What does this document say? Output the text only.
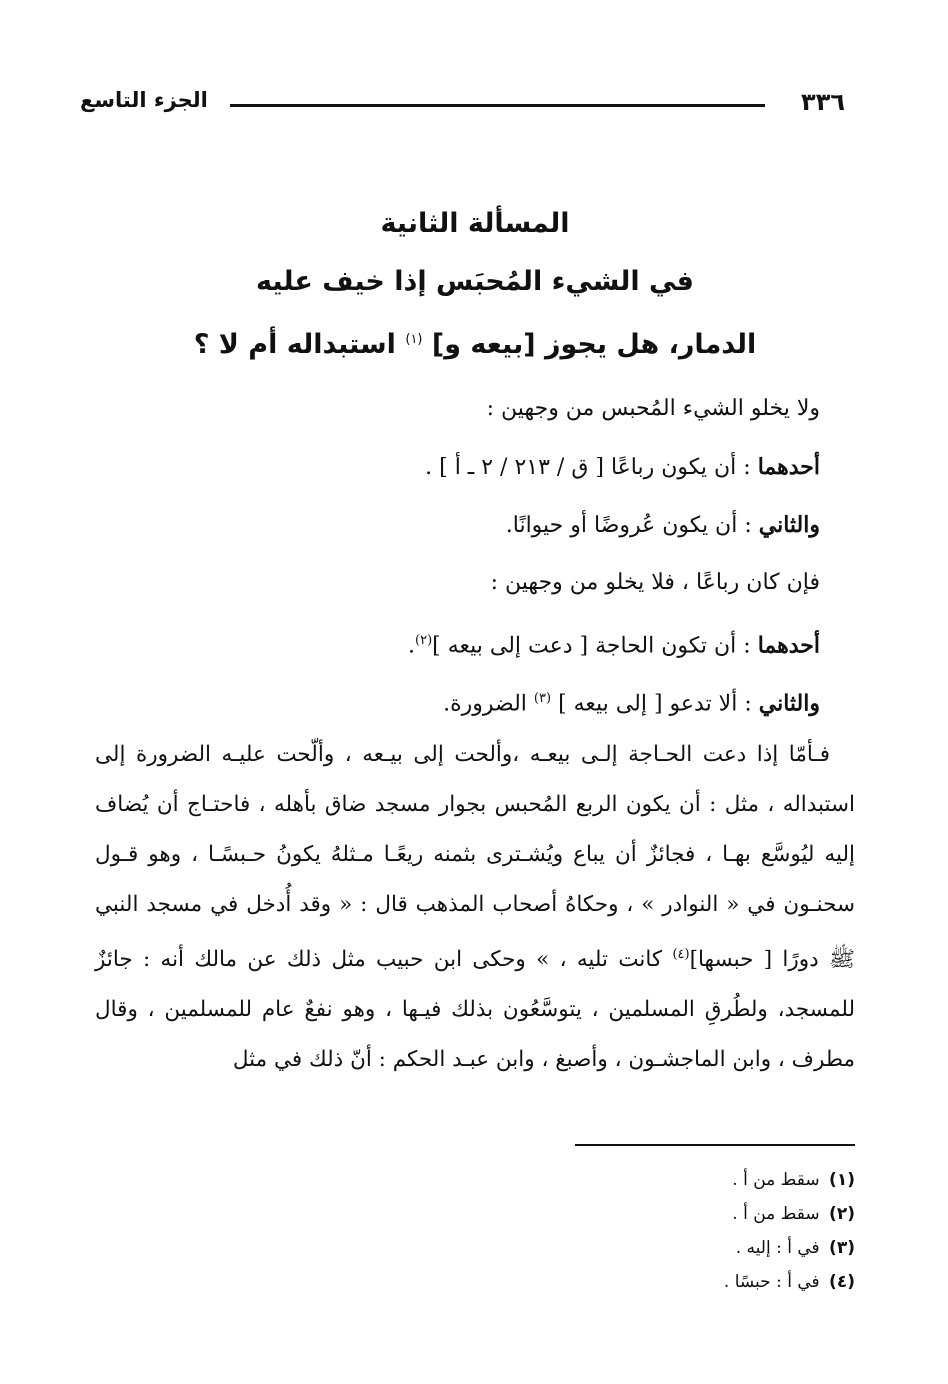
٣٣٦
الجزء التاسع
المسألة الثانية
في الشيء المُحبَس إذا خيف عليه
الدمار، هل يجوز [بيعه و] $^{(١)}$ استبداله أم لا ؟
ولا يخلو الشيء المُحبس من وجهين :
أحدهما : أن يكون رباعًا [ ق / ٢١٣ / ٢ ـ أ ] .
والثاني : أن يكون عُروضًا أو حيوانًا.
فإن كان رباعًا ، فلا يخلو من وجهين :
أحدهما : أن تكون الحاجة [ دعت إلى بيعه ]$^{(٢)}$.
والثاني : ألا تدعو [ إلى بيعه ] $^{(٣)}$ الضرورة.
فـأمّا إذا دعت الحـاجة إلـى بيعـه ،وألحت إلى بيـعه ، وألّحت عليـه الضرورة إلى استبداله ، مثل : أن يكون الربع المُحبس بجوار مسجد ضاق بأهله ، فاحتـاج أن يُضاف إليه ليُوسَّع بهـا ، فجائزٌ أن يباع ويُشـترى بثمنه ريعًـا مـثلهُ يكونُ حـبسًـا ، وهو قـول سحنـون في « النوادر » ، وحكاهُ أصحاب المذهب قال : « وقد أُدخل في مسجد النبي ﷺ دورًا [ حبسها]$^{(٤)}$ كانت تليه ، » وحكى ابن حبيب مثل ذلك عن مالك أنه : جائزٌ للمسجد، ولطُرقِ المسلمين ، يتوسَّعُون بذلك فيـها ، وهو نفعٌ عام للمسلمين ، وقال مطرف ، وابن الماجشـون ، وأصبغ ، وابن عبـد الحكم : أنّ ذلك في مثل
(١) سقط من أ .
(٢) سقط من أ .
(٣) في أ : إليه .
(٤) في أ : حبسًا .
